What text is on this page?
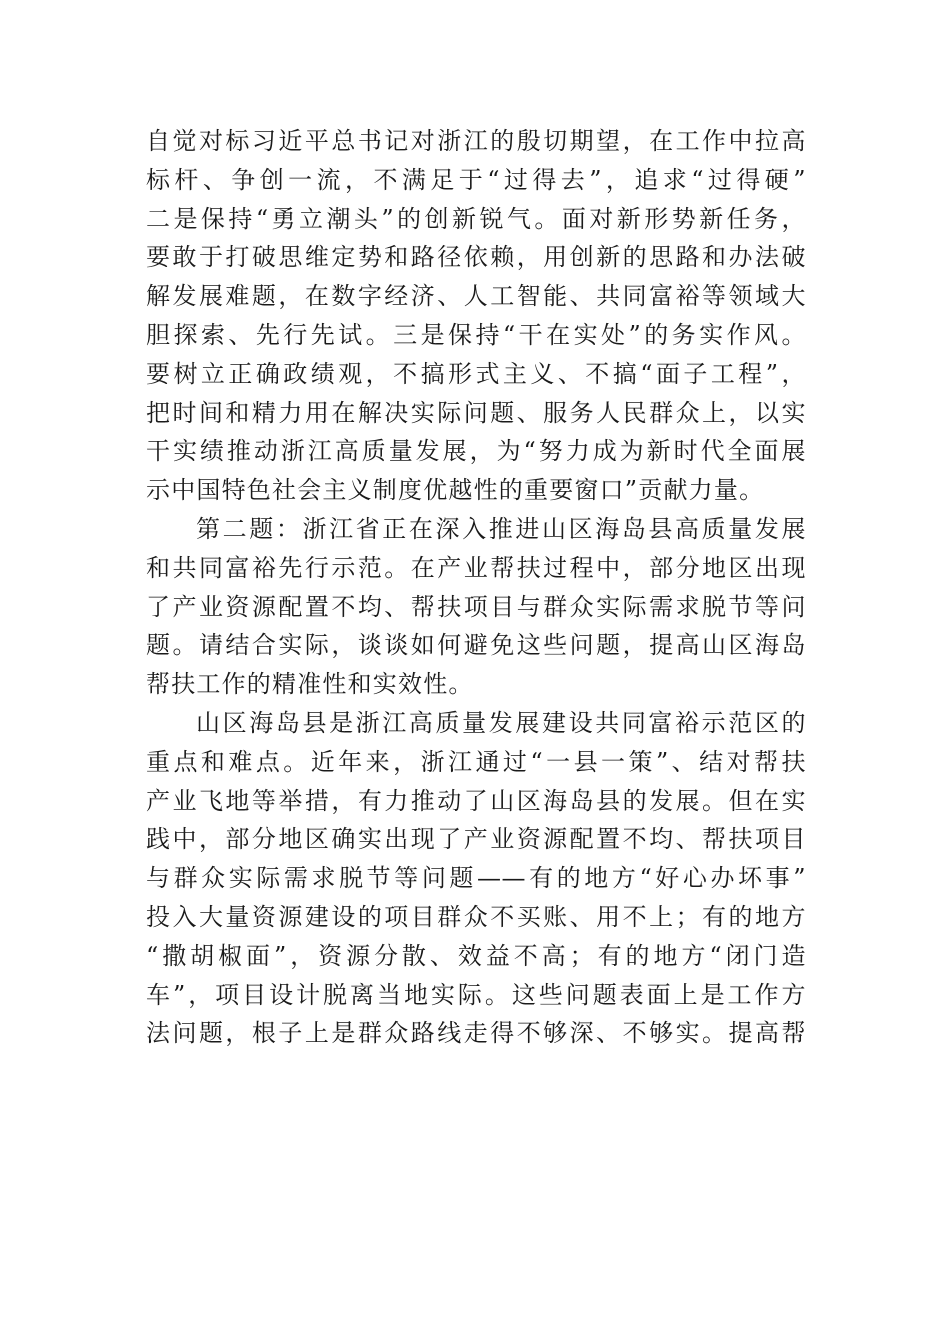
自觉对标习近平总书记对浙江的殷切期望，在工作中拉高
标杆、争创一流，不满足于“过得去”，追求“过得硬”
二是保持“勇立潮头”的创新锐气。面对新形势新任务，
要敢于打破思维定势和路径依赖，用创新的思路和办法破
解发展难题，在数字经济、人工智能、共同富裕等领域大
胆探索、先行先试。三是保持“干在实处”的务实作风。
要树立正确政绩观，不搞形式主义、不搞“面子工程”，
把时间和精力用在解决实际问题、服务人民群众上，以实
干实绩推动浙江高质量发展，为“努力成为新时代全面展
示中国特色社会主义制度优越性的重要窗口”贡献力量。
第二题：浙江省正在深入推进山区海岛县高质量发展
和共同富裕先行示范。在产业帮扶过程中，部分地区出现
了产业资源配置不均、帮扶项目与群众实际需求脱节等问
题。请结合实际，谈谈如何避免这些问题，提高山区海岛
帮扶工作的精准性和实效性。
山区海岛县是浙江高质量发展建设共同富裕示范区的
重点和难点。近年来，浙江通过“一县一策”、结对帮扶
产业飞地等举措，有力推动了山区海岛县的发展。但在实
践中，部分地区确实出现了产业资源配置不均、帮扶项目
与群众实际需求脱节等问题——有的地方“好心办坏事”
投入大量资源建设的项目群众不买账、用不上；有的地方
“撒胡椒面”，资源分散、效益不高；有的地方“闭门造
车”，项目设计脱离当地实际。这些问题表面上是工作方
法问题，根子上是群众路线走得不够深、不够实。提高帮
